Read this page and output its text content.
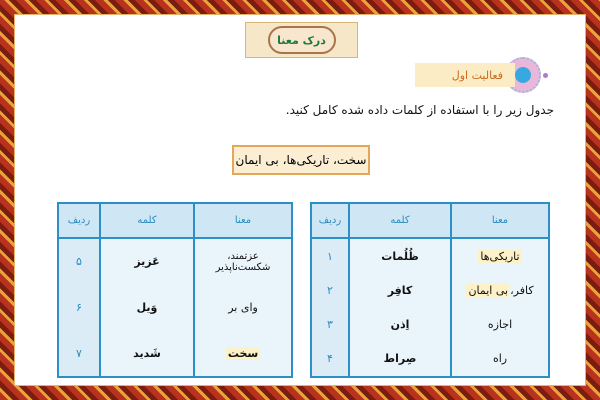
درک معنا
فعالیت اول
جدول زیر را با استفاده از کلمات داده شده کامل کنید.
سخت، تاریکی‌ها، بی ایمان
معنا
کلمه
ردیف
تاریکی‌ها
ظُلُمات
۱
کافر،
بی ایمان
کافِر
۲
اجازه
اِذن
۳
راه
صِراط
۴
معنا
کلمه
ردیف
عزتمند، شکست‌ناپذیر
عَزیز
۵
وای بر
وَیل
۶
سخت
شَدید
۷
